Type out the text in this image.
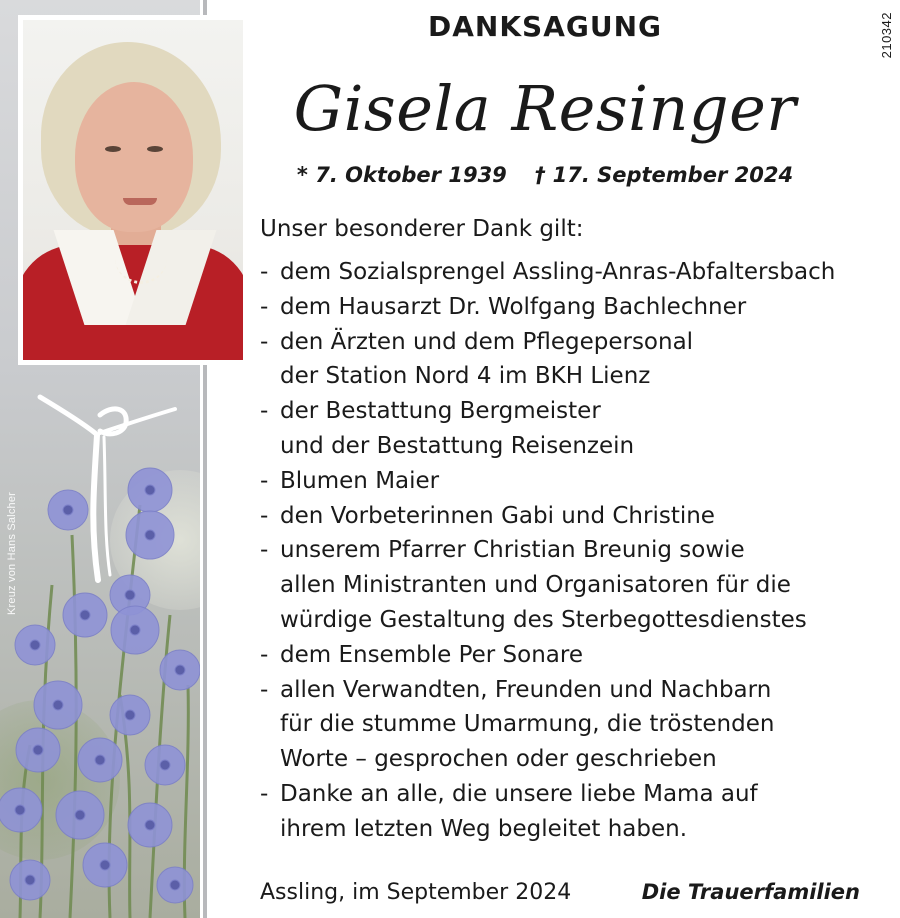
Kreuz von Hans Salcher
210342
DANKSAGUNG
Gisela Resinger
* 7. Oktober 1939 † 17. September 2024
Unser besonderer Dank gilt:
- dem Sozialsprengel Assling-Anras-Abfaltersbach
- dem Hausarzt Dr. Wolfgang Bachlechner
- den Ärzten und dem Pflegepersonal
der Station Nord 4 im BKH Lienz
- der Bestattung Bergmeister
und der Bestattung Reisenzein
- Blumen Maier
- den Vorbeterinnen Gabi und Christine
- unserem Pfarrer Christian Breunig sowie
allen Ministranten und Organisatoren für die
würdige Gestaltung des Sterbegottesdienstes
- dem Ensemble Per Sonare
- allen Verwandten, Freunden und Nachbarn
für die stumme Umarmung, die tröstenden
Worte – gesprochen oder geschrieben
- Danke an alle, die unsere liebe Mama auf
ihrem letzten Weg begleitet haben.
Assling, im September 2024	Die Trauerfamilien
